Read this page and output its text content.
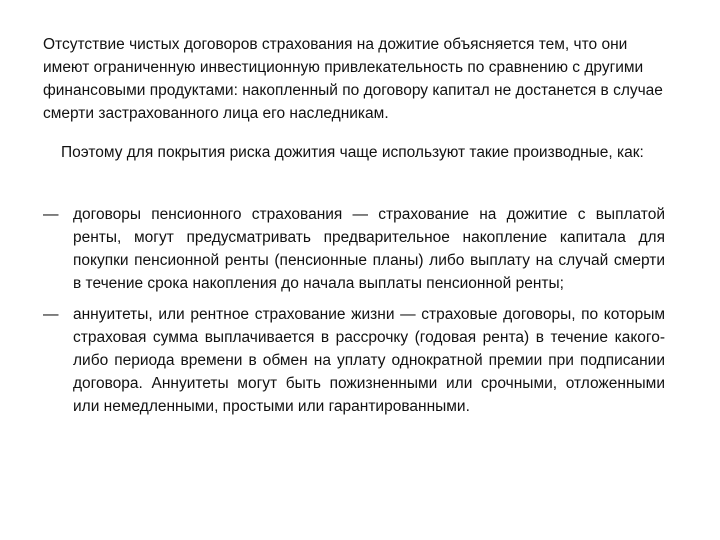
Отсутствие чистых договоров страхования на дожитие объясняется тем, что они имеют ограниченную инвестиционную привлекательность по сравнению с другими финансовыми продуктами: накопленный по договору капитал не достанется в случае смерти застрахованного лица его наследникам.

Поэтому для покрытия риска дожития чаще используют такие производные, как:

— договоры пенсионного страхования — страхование на дожитие с выплатой ренты, могут предусматривать предварительное накопление капитала для покупки пенсионной ренты (пенсионные планы) либо выплату на случай смерти в течение срока накопления до начала выплаты пенсионной ренты;

— аннуитеты, или рентное страхование жизни — страховые договоры, по которым страховая сумма выплачивается в рассрочку (годовая рента) в течение какого-либо периода времени в обмен на уплату однократной премии при подписании договора. Аннуитеты могут быть пожизненными или срочными, отложенными или немедленными, простыми или гарантированными.
